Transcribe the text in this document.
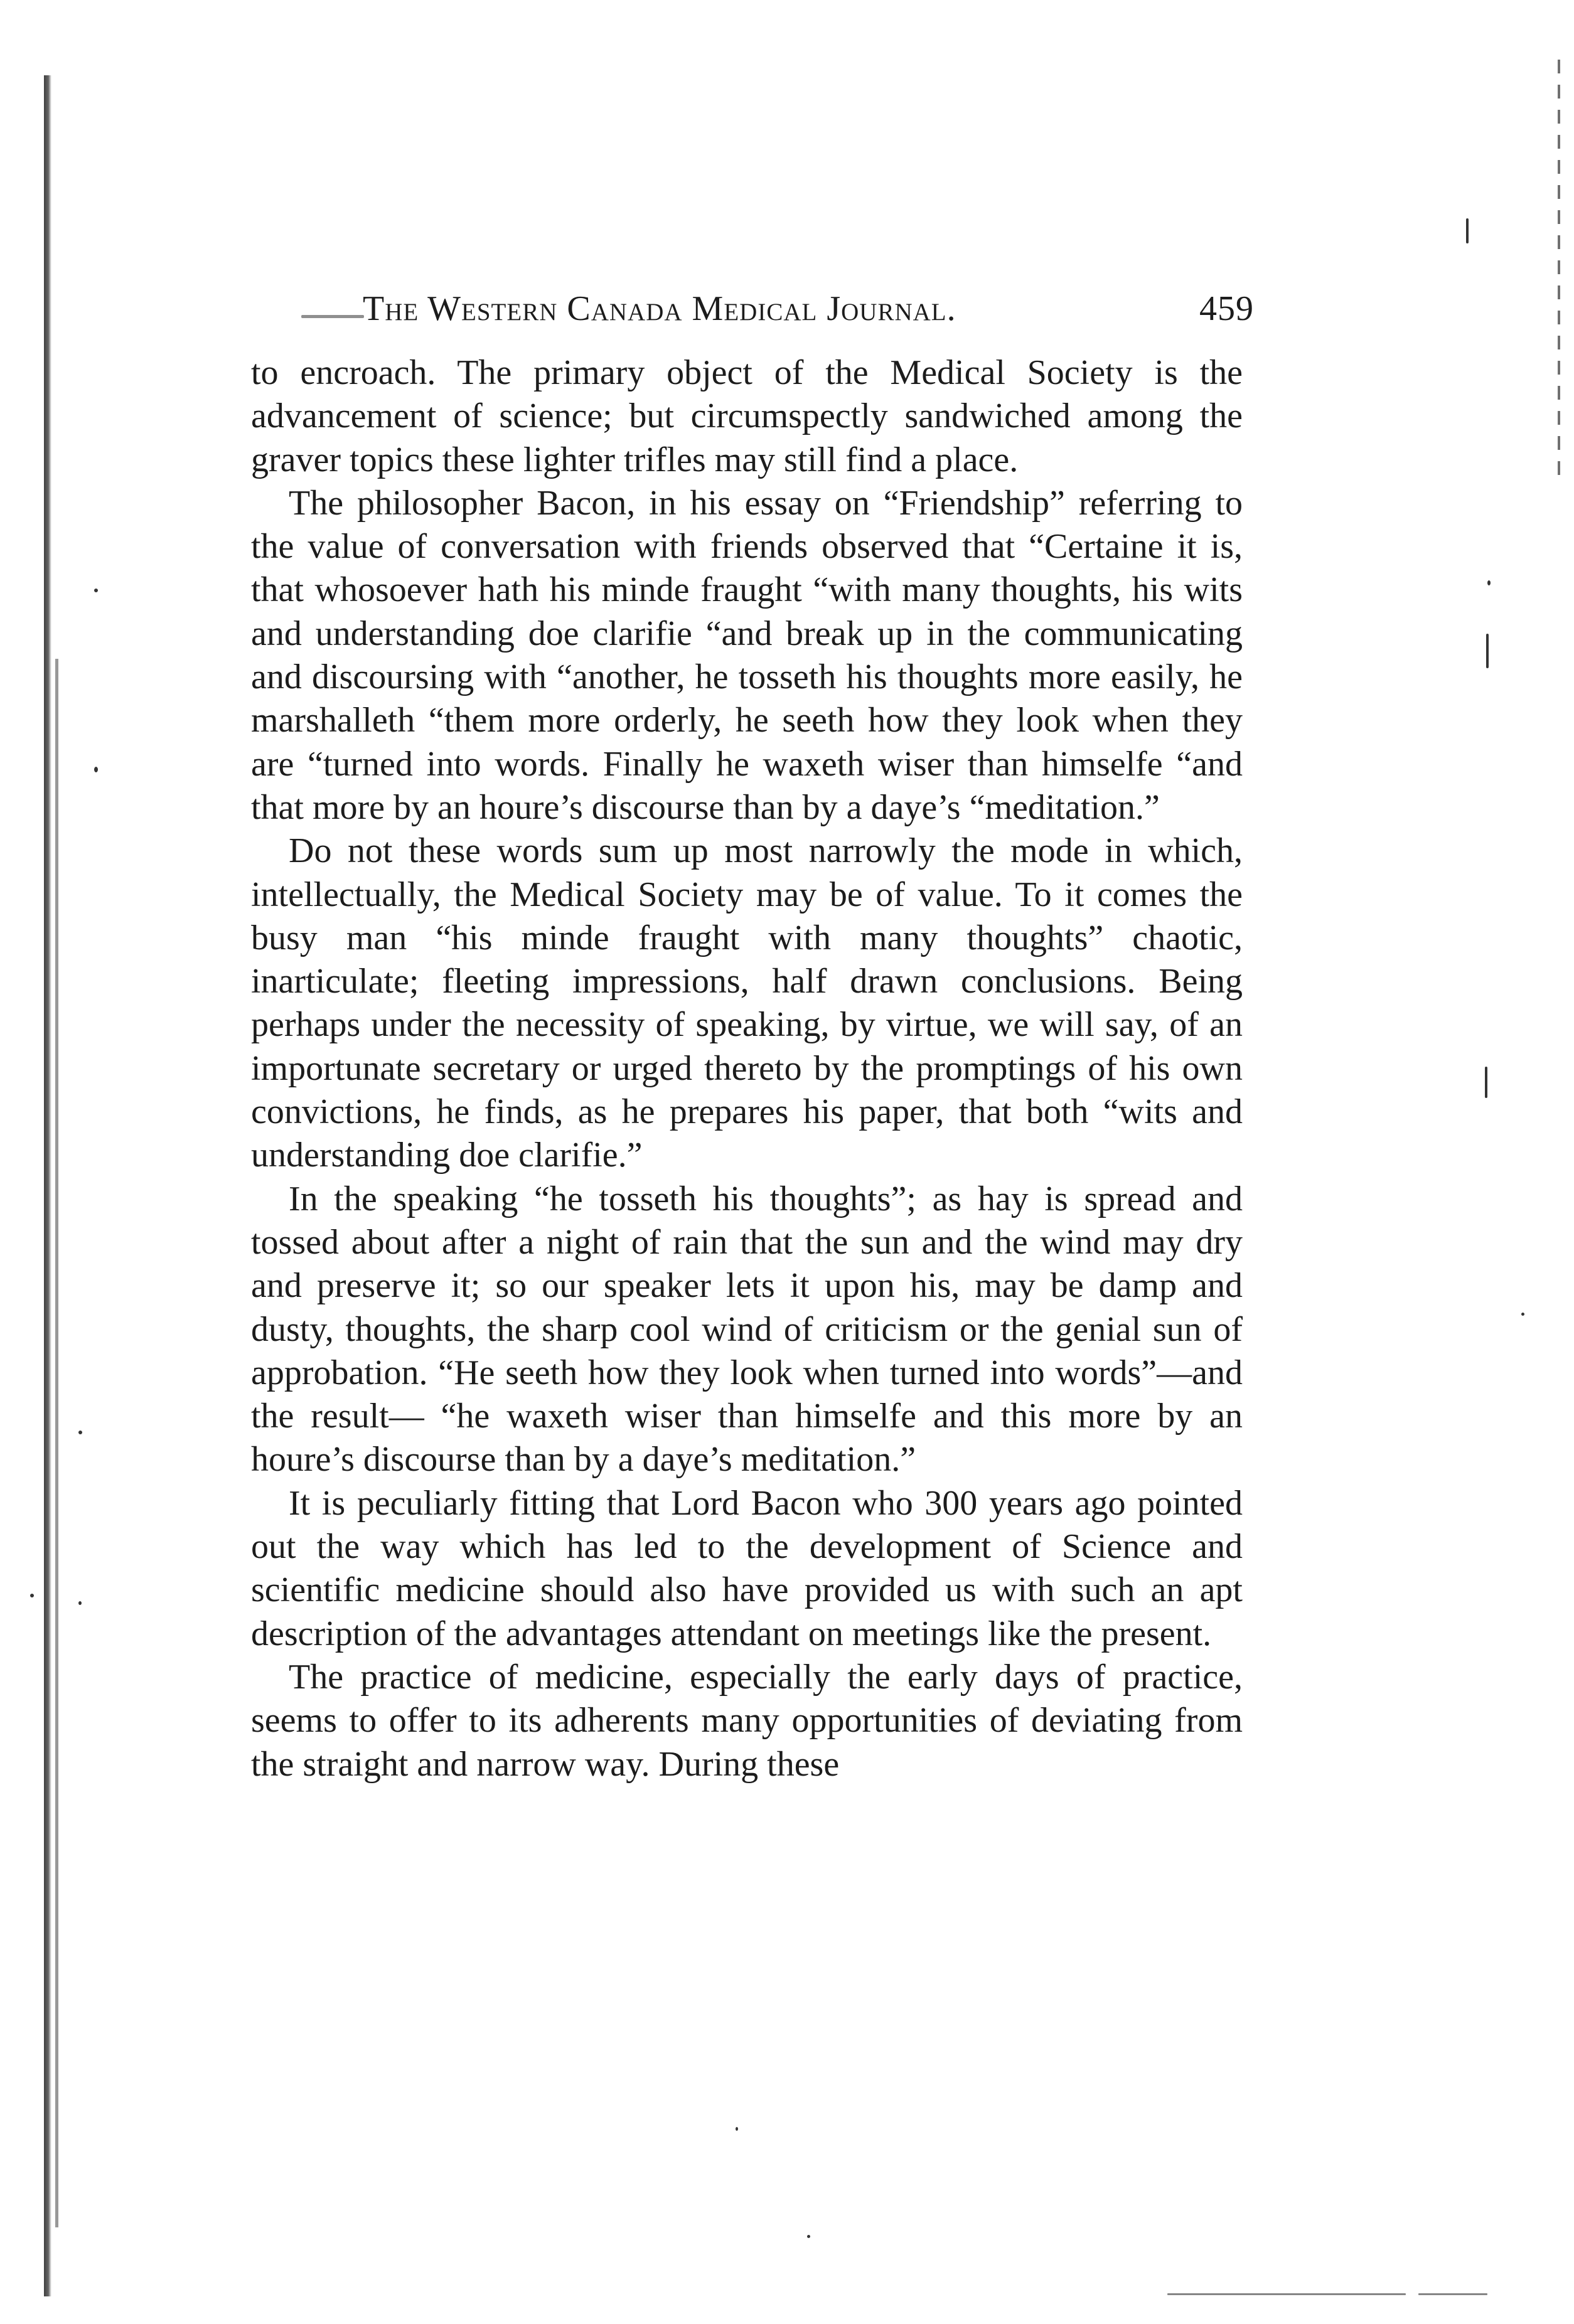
The Western Canada Medical Journal.	459

to encroach. The primary object of the Medical Society is the advancement of science; but circumspectly sandwiched among the graver topics these lighter trifles may still find a place.

The philosopher Bacon, in his essay on “Friendship” referring to the value of conversation with friends observed that “Certaine it is, that whosoever hath his minde fraught “with many thoughts, his wits and understanding doe clarifie “and break up in the communicating and discoursing with “another, he tosseth his thoughts more easily, he marshalleth “them more orderly, he seeth how they look when they are “turned into words. Finally he waxeth wiser than himselfe “and that more by an houre’s discourse than by a daye’s “meditation.”

Do not these words sum up most narrowly the mode in which, intellectually, the Medical Society may be of value. To it comes the busy man “his minde fraught with many thoughts” chaotic, inarticulate; fleeting impressions, half drawn conclusions. Being perhaps under the necessity of speaking, by virtue, we will say, of an importunate secretary or urged thereto by the promptings of his own convictions, he finds, as he prepares his paper, that both “wits and understanding doe clarifie.”

In the speaking “he tosseth his thoughts”; as hay is spread and tossed about after a night of rain that the sun and the wind may dry and preserve it; so our speaker lets it upon his, may be damp and dusty, thoughts, the sharp cool wind of criticism or the genial sun of approbation. “He seeth how they look when turned into words”—and the result— “he waxeth wiser than himselfe and this more by an houre’s discourse than by a daye’s meditation.”

It is peculiarly fitting that Lord Bacon who 300 years ago pointed out the way which has led to the development of Science and scientific medicine should also have provided us with such an apt description of the advantages attendant on meetings like the present.

The practice of medicine, especially the early days of practice, seems to offer to its adherents many opportunities of deviating from the straight and narrow way. During these
